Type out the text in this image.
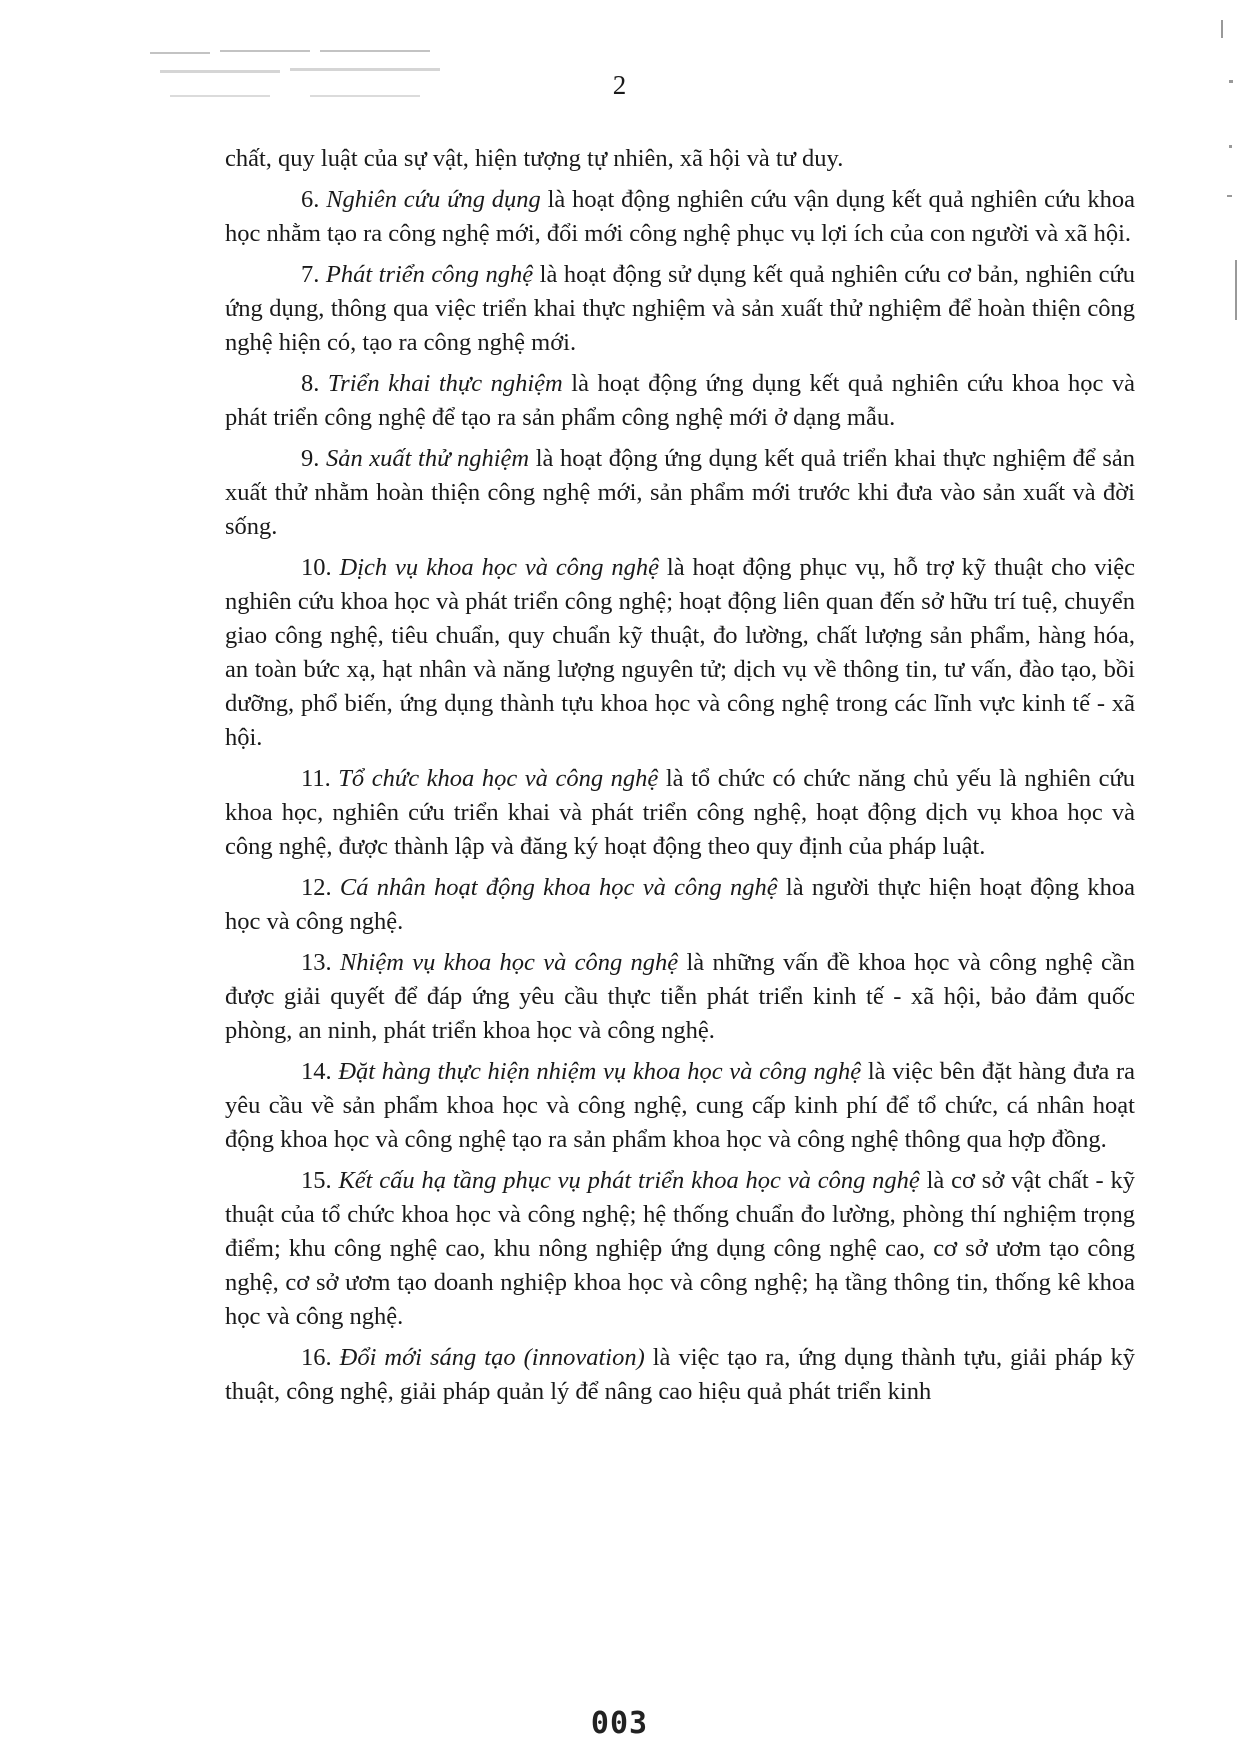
2

chất, quy luật của sự vật, hiện tượng tự nhiên, xã hội và tư duy.

6. Nghiên cứu ứng dụng là hoạt động nghiên cứu vận dụng kết quả nghiên cứu khoa học nhằm tạo ra công nghệ mới, đổi mới công nghệ phục vụ lợi ích của con người và xã hội.

7. Phát triển công nghệ là hoạt động sử dụng kết quả nghiên cứu cơ bản, nghiên cứu ứng dụng, thông qua việc triển khai thực nghiệm và sản xuất thử nghiệm để hoàn thiện công nghệ hiện có, tạo ra công nghệ mới.

8. Triển khai thực nghiệm là hoạt động ứng dụng kết quả nghiên cứu khoa học và phát triển công nghệ để tạo ra sản phẩm công nghệ mới ở dạng mẫu.

9. Sản xuất thử nghiệm là hoạt động ứng dụng kết quả triển khai thực nghiệm để sản xuất thử nhằm hoàn thiện công nghệ mới, sản phẩm mới trước khi đưa vào sản xuất và đời sống.

10. Dịch vụ khoa học và công nghệ là hoạt động phục vụ, hỗ trợ kỹ thuật cho việc nghiên cứu khoa học và phát triển công nghệ; hoạt động liên quan đến sở hữu trí tuệ, chuyển giao công nghệ, tiêu chuẩn, quy chuẩn kỹ thuật, đo lường, chất lượng sản phẩm, hàng hóa, an toàn bức xạ, hạt nhân và năng lượng nguyên tử; dịch vụ về thông tin, tư vấn, đào tạo, bồi dưỡng, phổ biến, ứng dụng thành tựu khoa học và công nghệ trong các lĩnh vực kinh tế - xã hội.

11. Tổ chức khoa học và công nghệ là tổ chức có chức năng chủ yếu là nghiên cứu khoa học, nghiên cứu triển khai và phát triển công nghệ, hoạt động dịch vụ khoa học và công nghệ, được thành lập và đăng ký hoạt động theo quy định của pháp luật.

12. Cá nhân hoạt động khoa học và công nghệ là người thực hiện hoạt động khoa học và công nghệ.

13. Nhiệm vụ khoa học và công nghệ là những vấn đề khoa học và công nghệ cần được giải quyết để đáp ứng yêu cầu thực tiễn phát triển kinh tế - xã hội, bảo đảm quốc phòng, an ninh, phát triển khoa học và công nghệ.

14. Đặt hàng thực hiện nhiệm vụ khoa học và công nghệ là việc bên đặt hàng đưa ra yêu cầu về sản phẩm khoa học và công nghệ, cung cấp kinh phí để tổ chức, cá nhân hoạt động khoa học và công nghệ tạo ra sản phẩm khoa học và công nghệ thông qua hợp đồng.

15. Kết cấu hạ tầng phục vụ phát triển khoa học và công nghệ là cơ sở vật chất - kỹ thuật của tổ chức khoa học và công nghệ; hệ thống chuẩn đo lường, phòng thí nghiệm trọng điểm; khu công nghệ cao, khu nông nghiệp ứng dụng công nghệ cao, cơ sở ươm tạo công nghệ, cơ sở ươm tạo doanh nghiệp khoa học và công nghệ; hạ tầng thông tin, thống kê khoa học và công nghệ.

16. Đổi mới sáng tạo (innovation) là việc tạo ra, ứng dụng thành tựu, giải pháp kỹ thuật, công nghệ, giải pháp quản lý để nâng cao hiệu quả phát triển kinh

003
